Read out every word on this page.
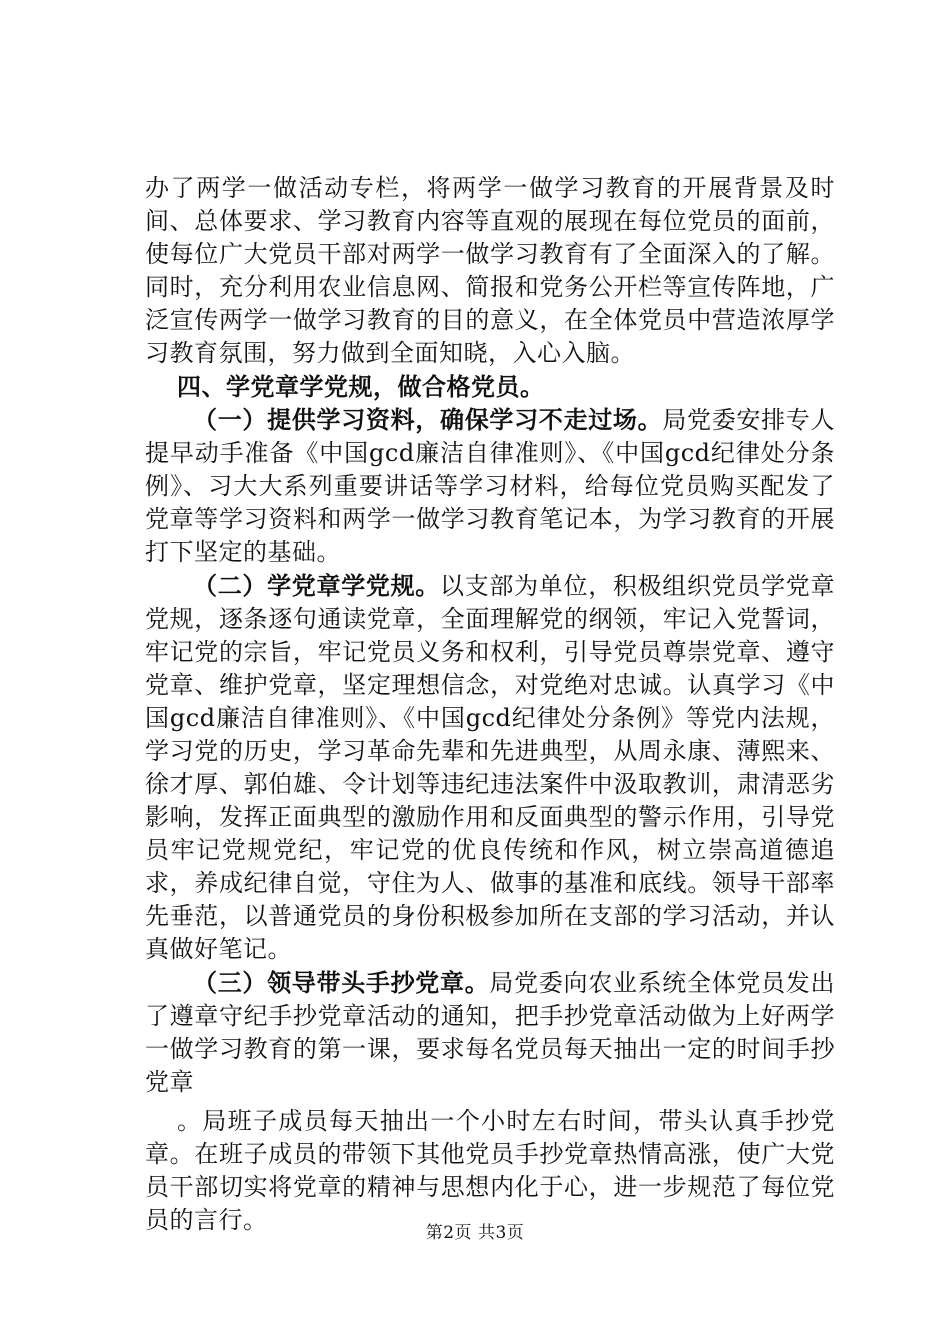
办了两学一做活动专栏，将两学一做学习教育的开展背景及时间、总体要求、学习教育内容等直观的展现在每位党员的面前，使每位广大党员干部对两学一做学习教育有了全面深入的了解。同时，充分利用农业信息网、简报和党务公开栏等宣传阵地，广泛宣传两学一做学习教育的目的意义，在全体党员中营造浓厚学习教育氛围，努力做到全面知晓，入心入脑。

四、学党章学党规，做合格党员。

（一）提供学习资料，确保学习不走过场。局党委安排专人提早动手准备《中国gcd廉洁自律准则》、《中国gcd纪律处分条例》、习大大系列重要讲话等学习材料，给每位党员购买配发了党章等学习资料和两学一做学习教育笔记本，为学习教育的开展打下坚定的基础。

（二）学党章学党规。以支部为单位，积极组织党员学党章党规，逐条逐句通读党章，全面理解党的纲领，牢记入党誓词，牢记党的宗旨，牢记党员义务和权利，引导党员尊崇党章、遵守党章、维护党章，坚定理想信念，对党绝对忠诚。认真学习《中国gcd廉洁自律准则》、《中国gcd纪律处分条例》等党内法规，学习党的历史，学习革命先辈和先进典型，从周永康、薄熙来、徐才厚、郭伯雄、令计划等违纪违法案件中汲取教训，肃清恶劣影响，发挥正面典型的激励作用和反面典型的警示作用，引导党员牢记党规党纪，牢记党的优良传统和作风，树立崇高道德追求，养成纪律自觉，守住为人、做事的基准和底线。领导干部率先垂范，以普通党员的身份积极参加所在支部的学习活动，并认真做好笔记。

（三）领导带头手抄党章。局党委向农业系统全体党员发出了遵章守纪手抄党章活动的通知，把手抄党章活动做为上好两学一做学习教育的第一课，要求每名党员每天抽出一定的时间手抄党章

。局班子成员每天抽出一个小时左右时间，带头认真手抄党章。在班子成员的带领下其他党员手抄党章热情高涨，使广大党员干部切实将党章的精神与思想内化于心，进一步规范了每位党员的言行。	第2页 共3页
